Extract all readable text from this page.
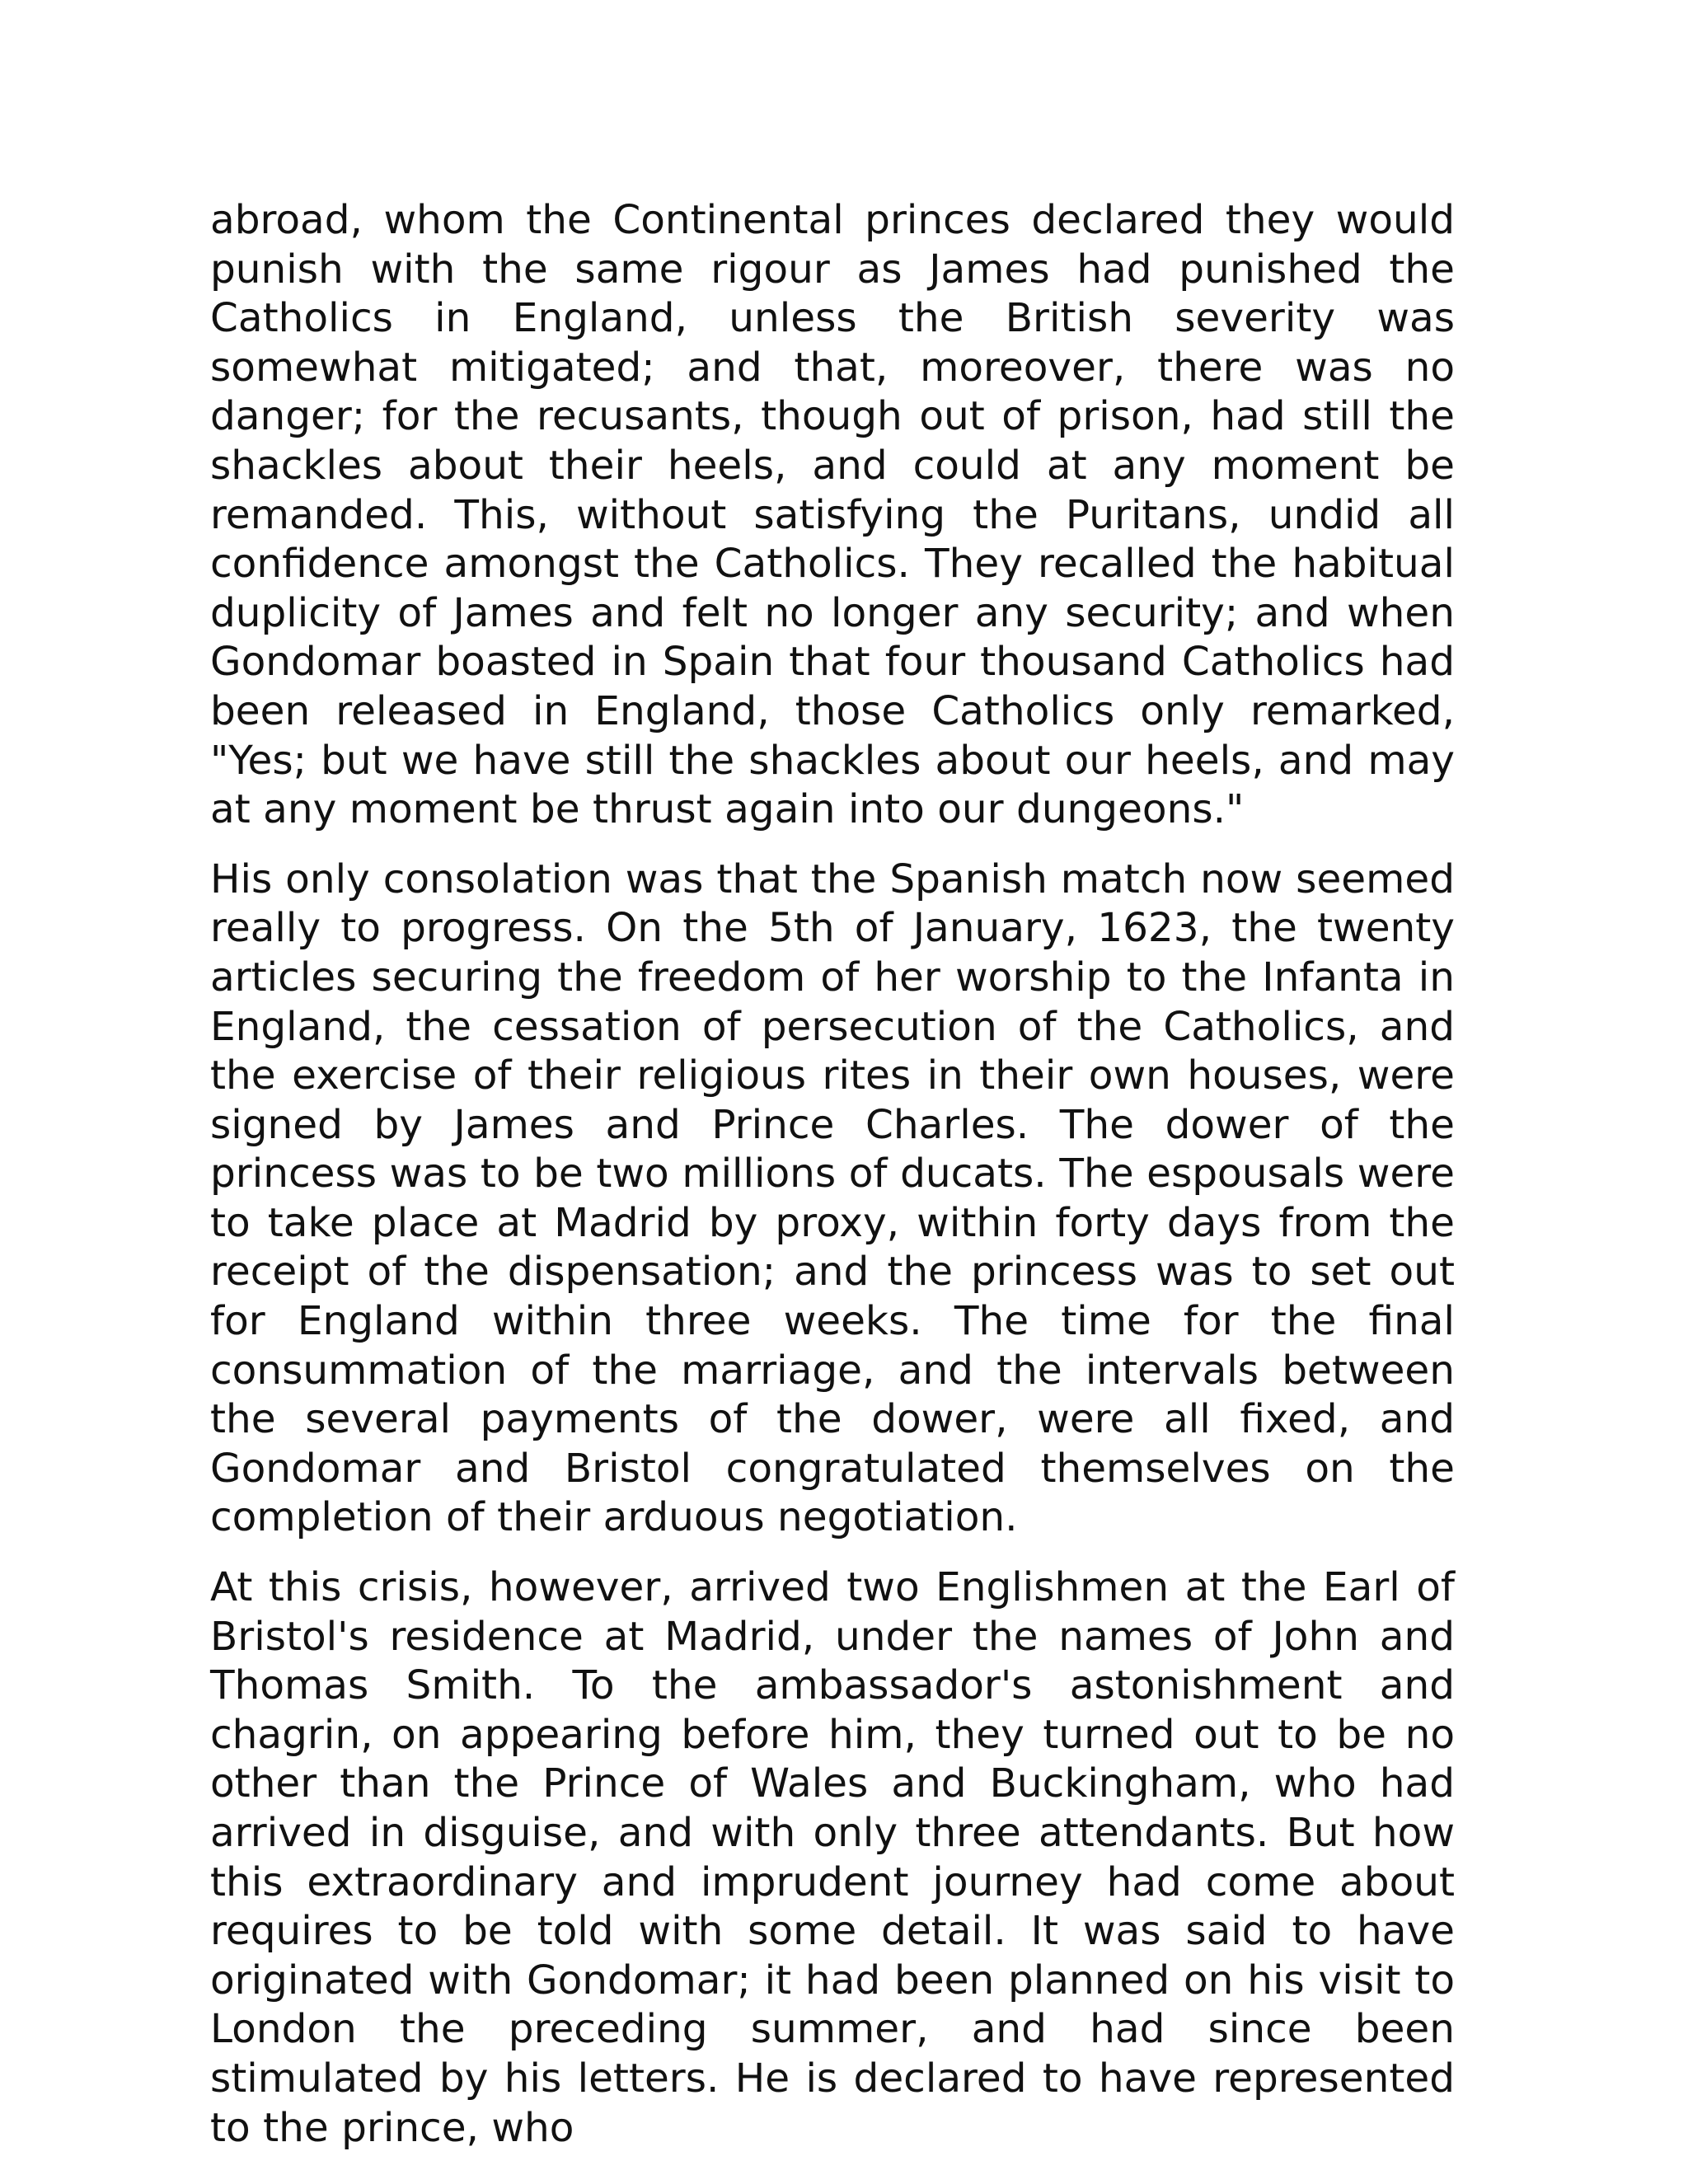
abroad, whom the Continental princes declared they would punish with the same rigour as James had punished the Catholics in England, unless the British severity was somewhat mitigated; and that, moreover, there was no danger; for the recusants, though out of prison, had still the shackles about their heels, and could at any moment be remanded. This, without satisfying the Puritans, undid all confidence amongst the Catholics. They recalled the habitual duplicity of James and felt no longer any security; and when Gondomar boasted in Spain that four thousand Catholics had been released in England, those Catholics only remarked, "Yes; but we have still the shackles about our heels, and may at any moment be thrust again into our dungeons."

His only consolation was that the Spanish match now seemed really to progress. On the 5th of January, 1623, the twenty articles securing the freedom of her worship to the Infanta in England, the cessation of persecution of the Catholics, and the exercise of their religious rites in their own houses, were signed by James and Prince Charles. The dower of the princess was to be two millions of ducats. The espousals were to take place at Madrid by proxy, within forty days from the receipt of the dispensation; and the princess was to set out for England within three weeks. The time for the final consummation of the marriage, and the intervals between the several payments of the dower, were all fixed, and Gondomar and Bristol congratulated themselves on the completion of their arduous negotiation.

At this crisis, however, arrived two Englishmen at the Earl of Bristol's residence at Madrid, under the names of John and Thomas Smith. To the ambassador's astonishment and chagrin, on appearing before him, they turned out to be no other than the Prince of Wales and Buckingham, who had arrived in disguise, and with only three attendants. But how this extraordinary and imprudent journey had come about requires to be told with some detail. It was said to have originated with Gondomar; it had been planned on his visit to London the preceding summer, and had since been stimulated by his letters. He is declared to have represented to the prince, who
